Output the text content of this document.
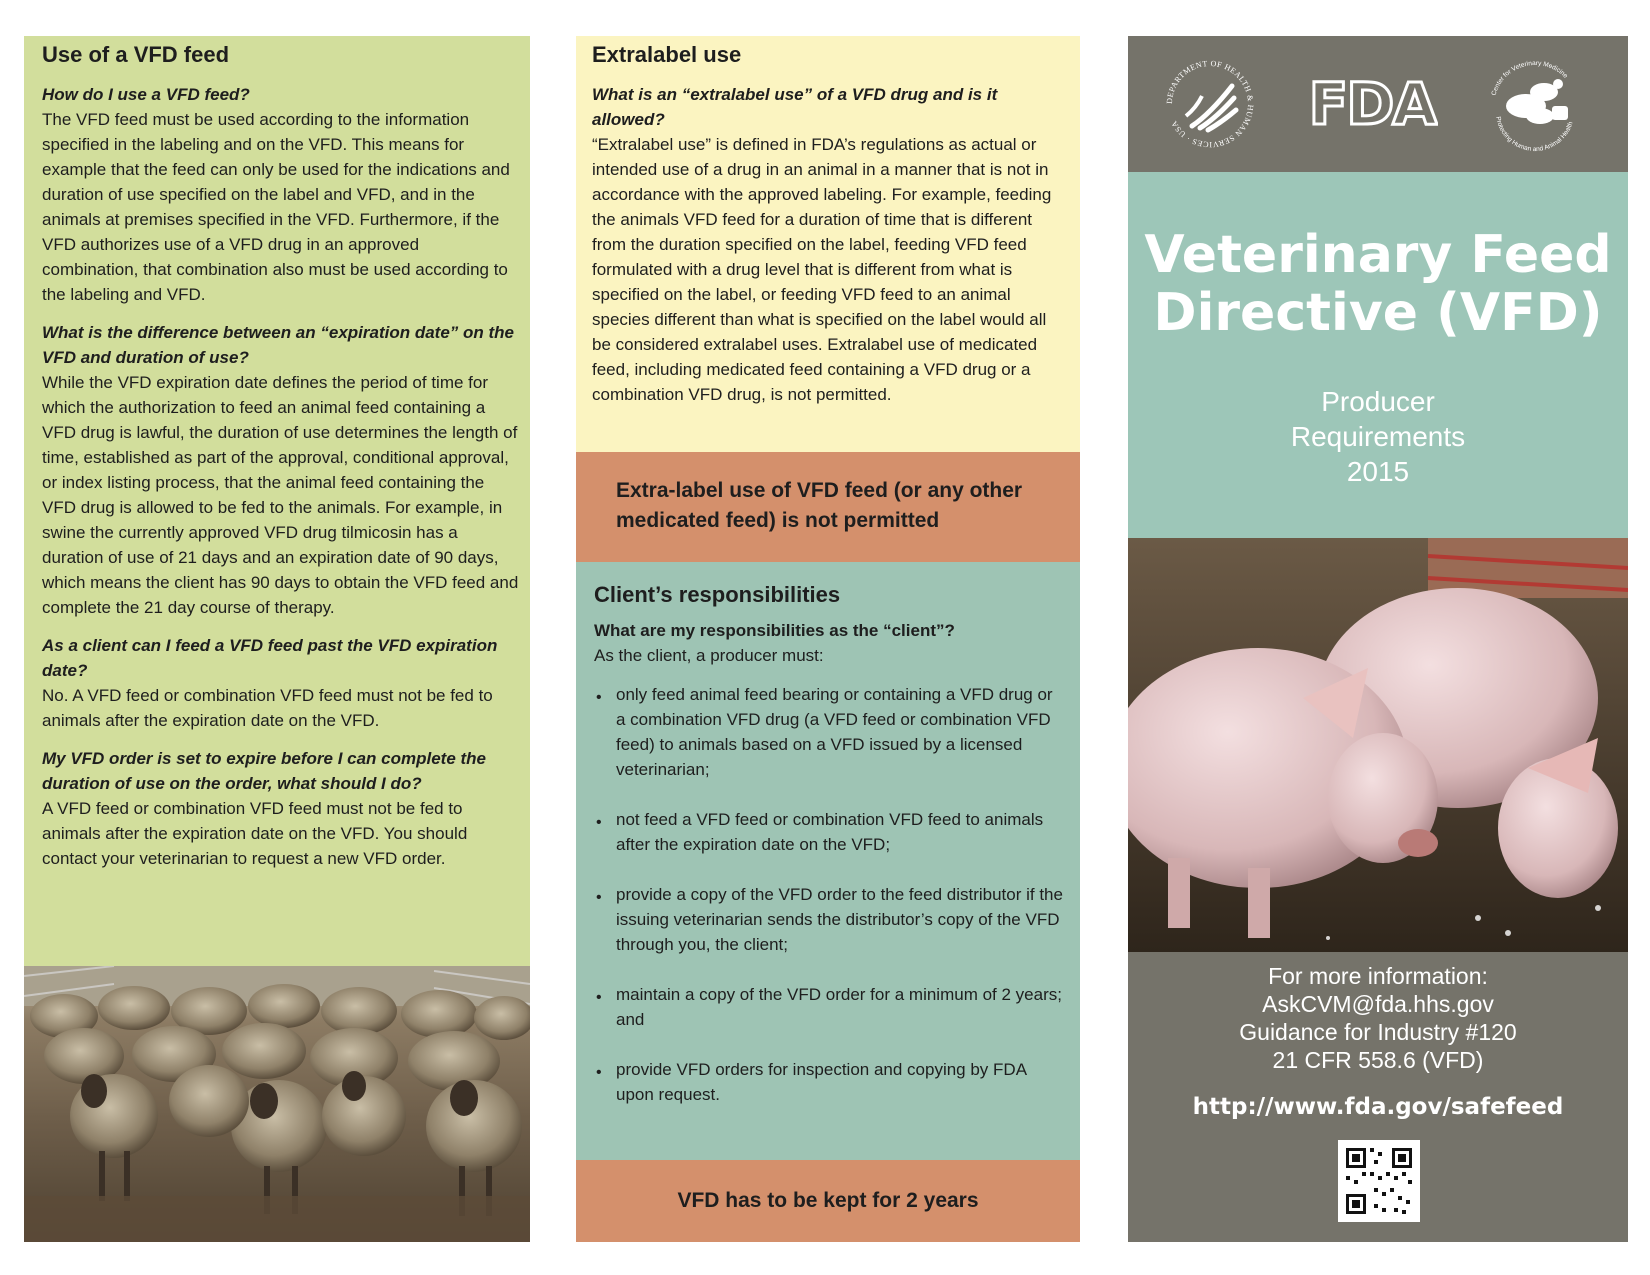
Use of a VFD feed
How do I use a VFD feed?
The VFD feed must be used according to the information specified in the labeling and on the VFD. This means for example that the feed can only be used for the indications and duration of use specified on the label and VFD, and in the animals at premises specified in the VFD. Furthermore, if the VFD authorizes use of a VFD drug in an approved combination, that combination also must be used according to the labeling and VFD.
What is the difference between an “expiration date” on the VFD and duration of use?
While the VFD expiration date defines the period of time for which the authorization to feed an animal feed containing a VFD drug is lawful, the duration of use determines the length of time, established as part of the approval, conditional approval, or index listing process, that the animal feed containing the VFD drug is allowed to be fed to the animals. For example, in swine the currently approved VFD drug tilmicosin has a duration of use of 21 days and an expiration date of 90 days, which means the client has 90 days to obtain the VFD feed and complete the 21 day course of therapy.
As a client can I feed a VFD feed past the VFD expiration date?
No. A VFD feed or combination VFD feed must not be fed to animals after the expiration date on the VFD.
My VFD order is set to expire before I can complete the duration of use on the order, what should I do?
A VFD feed or combination VFD feed must not be fed to animals after the expiration date on the VFD. You should contact your veterinarian to request a new VFD order.
Extralabel use
What is an “extralabel use” of a VFD drug and is it allowed?
“Extralabel use” is defined in FDA’s regulations as actual or intended use of a drug in an animal in a manner that is not in accordance with the approved labeling. For example, feeding the animals VFD feed for a duration of time that is different from the duration specified on the label, feeding VFD feed formulated with a drug level that is different from what is specified on the label, or feeding VFD feed to an animal species different than what is specified on the label would all be considered extralabel uses. Extralabel use of medicated feed, including medicated feed containing a VFD drug or a combination VFD drug, is not permitted.
Extra-label use of VFD feed (or any other medicated feed) is not permitted
Client’s responsibilities
What are my responsibilities as the “client”?
As the client, a producer must:
• only feed animal feed bearing or containing a VFD drug or a combination VFD drug (a VFD feed or combination VFD feed) to animals based on a VFD issued by a licensed veterinarian;
• not feed a VFD feed or combination VFD feed to animals after the expiration date on the VFD;
• provide a copy of the VFD order to the feed distributor if the issuing veterinarian sends the distributor’s copy of the VFD through you, the client;
• maintain a copy of the VFD order for a minimum of 2 years; and
• provide VFD orders for inspection and copying by FDA upon request.
VFD has to be kept for 2 years
DEPARTMENT OF HEALTH & HUMAN SERVICES · USA	FDA	Center for Veterinary Medicine
Protecting Human and Animal Health
Veterinary Feed
Directive (VFD)
Producer
Requirements
2015
For more information:
AskCVM@fda.hhs.gov
Guidance for Industry #120
21 CFR 558.6 (VFD)
http://www.fda.gov/safefeed
